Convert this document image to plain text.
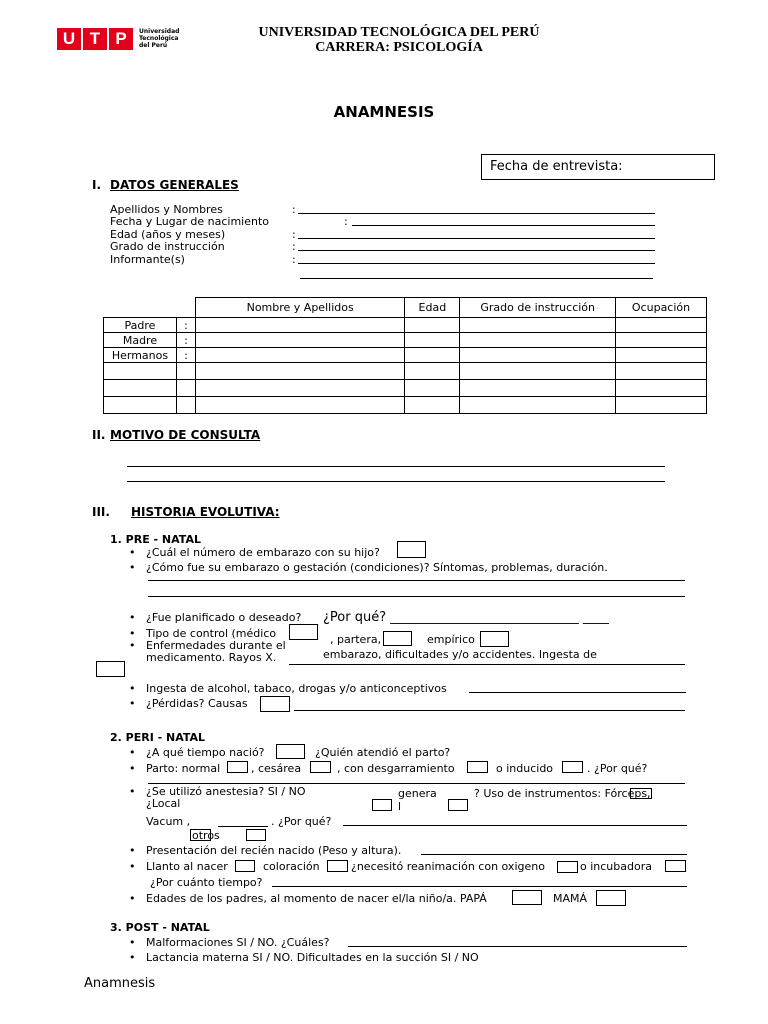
U T P	Universidad
Tecnológica
del Perú
UNIVERSIDAD TECNOLÓGICA DEL PERÚ
CARRERA: PSICOLOGÍA
ANAMNESIS
Fecha de entrevista:
I. DATOS GENERALES
Apellidos y Nombres
Fecha y Lugar de nacimiento
Edad (años y meses)
Grado de instrucción
Informante(s)
:
:
:
:
:
		Nombre y Apellidos	Edad	Grado de instrucción	Ocupación
Padre	:				
Madre	:				
Hermanos	:				

II. MOTIVO DE CONSULTA
III. HISTORIA EVOLUTIVA:
1. PRE - NATAL
• ¿Cuál el número de embarazo con su hijo?
• ¿Cómo fue su embarazo o gestación (condiciones)? Síntomas, problemas, duración.
• ¿Fue planificado o deseado? ¿Por qué? _____________________________ ____
• Tipo de control (médico	, partera,	empírico
• Enfermedades durante el
embarazo, dificultades y/o accidentes. Ingesta de
medicamento. Rayos X.
• Ingesta de alcohol, tabaco, drogas y/o anticonceptivos
• ¿Pérdidas? Causas
2. PERI - NATAL
• ¿A qué tiempo nació?	¿Quién atendió el parto?
• Parto: normal	, cesárea	, con desgarramiento	o inducido	. ¿Por qué?
• ¿Se utilizó anestesia? SI / NO	genera	? Uso de instrumentos: Fórceps,
¿Local	l
Vacum ,	. ¿Por qué?
otros
• Presentación del recién nacido (Peso y altura).
• Llanto al nacer	coloración	¿necesitó reanimación con oxigeno	o incubadora
¿Por cuánto tiempo?
• Edades de los padres, al momento de nacer el/la niño/a. PAPÁ	MAMÁ
3. POST - NATAL
• Malformaciones SI / NO. ¿Cuáles?
• Lactancia materna SI / NO. Dificultades en la succión SI / NO
Anamnesis
